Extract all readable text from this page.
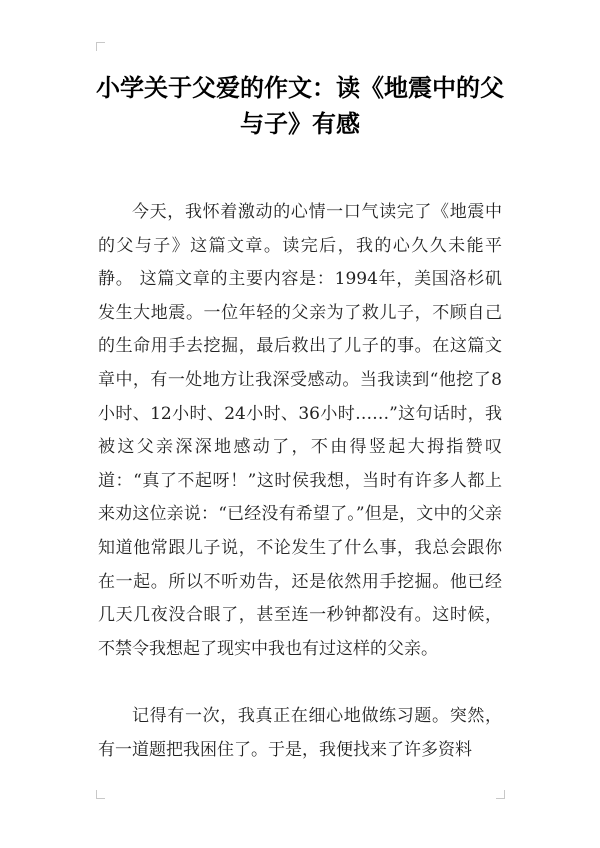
小学关于父爱的作文：读《地震中的父与子》有感

今天，我怀着激动的心情一口气读完了《地震中的父与子》这篇文章。读完后，我的心久久未能平静。 这篇文章的主要内容是：1994年，美国洛杉矶发生大地震。一位年轻的父亲为了救儿子，不顾自己的生命用手去挖掘，最后救出了儿子的事。在这篇文章中，有一处地方让我深受感动。当我读到“他挖了8小时、12小时、24小时、36小时……”这句话时，我被这父亲深深地感动了，不由得竖起大拇指赞叹道：“真了不起呀！”这时侯我想，当时有许多人都上来劝这位亲说：“已经没有希望了。”但是，文中的父亲知道他常跟儿子说，不论发生了什么事，我总会跟你在一起。所以不听劝告，还是依然用手挖掘。他已经几天几夜没合眼了，甚至连一秒钟都没有。这时候，不禁令我想起了现实中我也有过这样的父亲。

记得有一次，我真正在细心地做练习题。突然，有一道题把我困住了。于是，我便找来了许多资料
